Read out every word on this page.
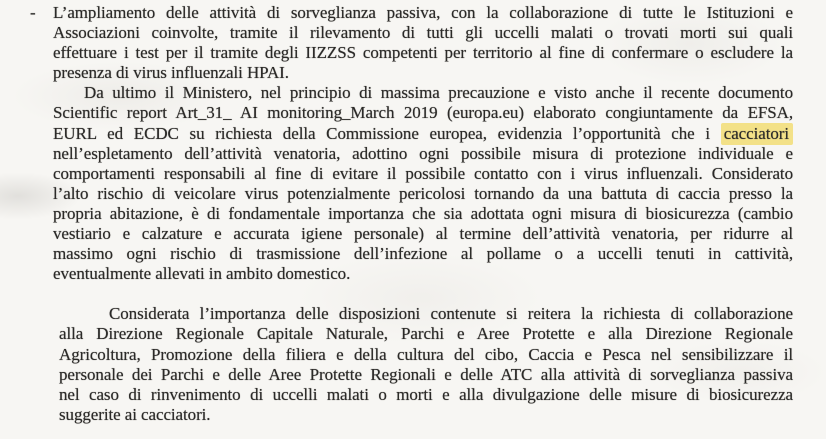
- L’ampliamento delle attività di sorveglianza passiva, con la collaborazione di tutte le Istituzioni e
Associazioni coinvolte, tramite il rilevamento di tutti gli uccelli malati o trovati morti sui quali
effettuare i test per il tramite degli IIZZSS competenti per territorio al fine di confermare o escludere la
presenza di virus influenzali HPAI.
Da ultimo il Ministero, nel principio di massima precauzione e visto anche il recente documento
Scientific report Art_31_ AI monitoring_March 2019 (europa.eu) elaborato congiuntamente da EFSA,
EURL ed ECDC su richiesta della Commissione europea, evidenzia l’opportunità che i cacciatori
nell’espletamento dell’attività venatoria, adottino ogni possibile misura di protezione individuale e
comportamenti responsabili al fine di evitare il possibile contatto con i virus influenzali. Considerato
l’alto rischio di veicolare virus potenzialmente pericolosi tornando da una battuta di caccia presso la
propria abitazione, è di fondamentale importanza che sia adottata ogni misura di biosicurezza (cambio
vestiario e calzature e accurata igiene personale) al termine dell’attività venatoria, per ridurre al
massimo ogni rischio di trasmissione dell’infezione al pollame o a uccelli tenuti in cattività,
eventualmente allevati in ambito domestico.
Considerata l’importanza delle disposizioni contenute si reitera la richiesta di collaborazione
alla Direzione Regionale Capitale Naturale, Parchi e Aree Protette e alla Direzione Regionale
Agricoltura, Promozione della filiera e della cultura del cibo, Caccia e Pesca nel sensibilizzare il
personale dei Parchi e delle Aree Protette Regionali e delle ATC alla attività di sorveglianza passiva
nel caso di rinvenimento di uccelli malati o morti e alla divulgazione delle misure di biosicurezza
suggerite ai cacciatori.
